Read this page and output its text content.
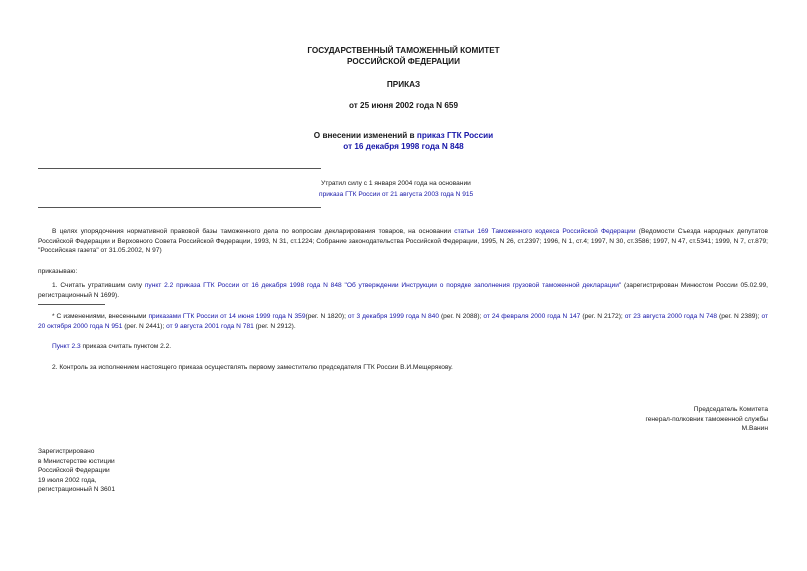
ГОСУДАРСТВЕННЫЙ ТАМОЖЕННЫЙ КОМИТЕТ
РОССИЙСКОЙ ФЕДЕРАЦИИ
ПРИКАЗ
от 25 июня 2002 года N 659
О внесении изменений в приказ ГТК России
от 16 декабря 1998 года N 848
Утратил силу с 1 января 2004 года на основании
приказа ГТК России от 21 августа 2003 года N 915
В целях упорядочения нормативной правовой базы таможенного дела по вопросам декларирования товаров, на основании статьи 169 Таможенного кодекса Российской Федерации (Ведомости Съезда народных депутатов Российской Федерации и Верховного Совета Российской Федерации, 1993, N 31, ст.1224; Собрание законодательства Российской Федерации, 1995, N 26, ст.2397; 1996, N 1, ст.4; 1997, N 30, ст.3586; 1997, N 47, ст.5341; 1999, N 7, ст.879; "Российская газета" от 31.05.2002, N 97)
приказываю:
1. Считать утратившим силу пункт 2.2 приказа ГТК России от 16 декабря 1998 года N 848 "Об утверждении Инструкции о порядке заполнения грузовой таможенной декларации" (зарегистрирован Минюстом России 05.02.99, регистрационный N 1699).
* С изменениями, внесенными приказами ГТК России от 14 июня 1999 года N 359(рег. N 1820); от 3 декабря 1999 года N 840 (рег. N 2088); от 24 февраля 2000 года N 147 (рег. N 2172); от 23 августа 2000 года N 748 (рег. N 2389); от 20 октября 2000 года N 951 (рег. N 2441); от 9 августа 2001 года N 781 (рег. N 2912).
Пункт 2.3 приказа считать пунктом 2.2.
2. Контроль за исполнением настоящего приказа осуществлять первому заместителю председателя ГТК России В.И.Мещерякову.
Председатель Комитета
генерал-полковник таможенной службы
М.Ванин
Зарегистрировано
в Министерстве юстиции
Российской Федерации
19 июля 2002 года,
регистрационный N 3601
